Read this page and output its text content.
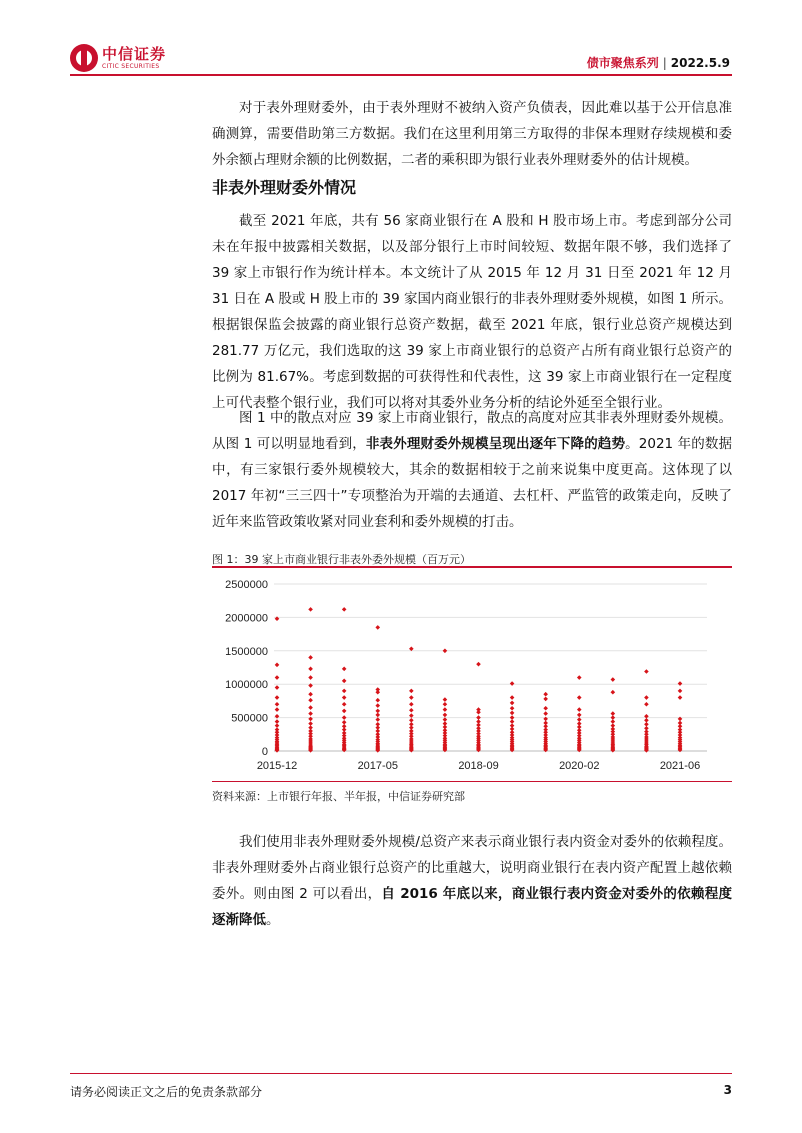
中信证券
CITIC SECURITIES	债市聚焦系列 | 2022.5.9

对于表外理财委外，由于表外理财不被纳入资产负债表，因此难以基于公开信息准确测算，需要借助第三方数据。我们在这里利用第三方取得的非保本理财存续规模和委外余额占理财余额的比例数据，二者的乘积即为银行业表外理财委外的估计规模。

非表外理财委外情况

截至 2021 年底，共有 56 家商业银行在 A 股和 H 股市场上市。考虑到部分公司未在年报中披露相关数据，以及部分银行上市时间较短、数据年限不够，我们选择了 39 家上市银行作为统计样本。本文统计了从 2015 年 12 月 31 日至 2021 年 12 月 31 日在 A 股或 H 股上市的 39 家国内商业银行的非表外理财委外规模，如图 1 所示。根据银保监会披露的商业银行总资产数据，截至 2021 年底，银行业总资产规模达到 281.77 万亿元，我们选取的这 39 家上市商业银行的总资产占所有商业银行总资产的比例为 81.67%。考虑到数据的可获得性和代表性，这 39 家上市商业银行在一定程度上可代表整个银行业，我们可以将对其委外业务分析的结论外延至全银行业。

图 1 中的散点对应 39 家上市商业银行，散点的高度对应其非表外理财委外规模。从图 1 可以明显地看到，非表外理财委外规模呈现出逐年下降的趋势。2021 年的数据中，有三家银行委外规模较大，其余的数据相较于之前来说集中度更高。这体现了以 2017 年初“三三四十”专项整治为开端的去通道、去杠杆、严监管的政策走向，反映了近年来监管政策收紧对同业套利和委外规模的打击。

图 1：39 家上市商业银行非表外委外规模（百万元）
0
500000
1000000
1500000
2000000
2500000
2015-12	2017-05	2018-09	2020-02	2021-06
资料来源：上市银行年报、半年报，中信证券研究部

我们使用非表外理财委外规模/总资产来表示商业银行表内资金对委外的依赖程度。非表外理财委外占商业银行总资产的比重越大，说明商业银行在表内资产配置上越依赖委外。则由图 2 可以看出，自 2016 年底以来，商业银行表内资金对委外的依赖程度逐渐降低。

请务必阅读正文之后的免责条款部分	3
